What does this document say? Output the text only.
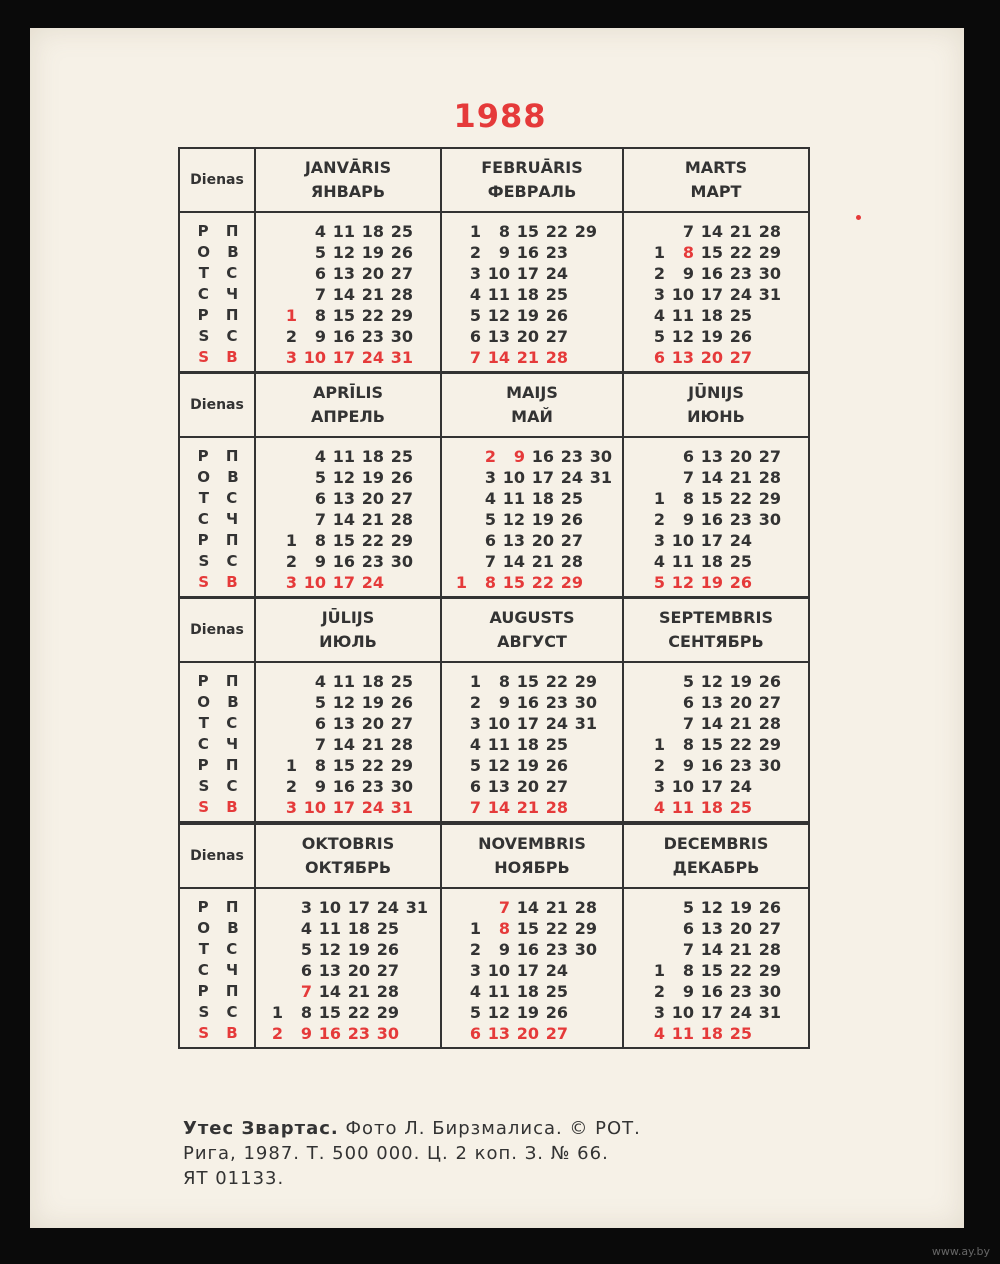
1988
Dienas
JANVĀRIS
ЯНВАРЬ
FEBRUĀRIS
ФЕВРАЛЬ
MARTS
МАРТ
Р П
О В
Т С
С Ч
Р П
S С
S В
1
2
3
4
5
6
7
8
9
10
11
12
13
14
15
16
17
18
19
20
21
22
23
24
25
26
27
28
29
30
31
1
2
3
4
5
6
7
8
9
10
11
12
13
14
15
16
17
18
19
20
21
22
23
24
25
26
27
28
29
1
2
3
4
5
6
7
8
9
10
11
12
13
14
15
16
17
18
19
20
21
22
23
24
25
26
27
28
29
30
31
Dienas
APRĪLIS
АПРЕЛЬ
MAIJS
МАЙ
JŪNIJS
ИЮНЬ
Р П
О В
Т С
С Ч
Р П
S С
S В
1
2
3
4
5
6
7
8
9
10
11
12
13
14
15
16
17
18
19
20
21
22
23
24
25
26
27
28
29
30
1
2
3
4
5
6
7
8
9
10
11
12
13
14
15
16
17
18
19
20
21
22
23
24
25
26
27
28
29
30
31
1
2
3
4
5
6
7
8
9
10
11
12
13
14
15
16
17
18
19
20
21
22
23
24
25
26
27
28
29
30
Dienas
JŪLIJS
ИЮЛЬ
AUGUSTS
АВГУСТ
SEPTEMBRIS
СЕНТЯБРЬ
Р П
О В
Т С
С Ч
Р П
S С
S В
1
2
3
4
5
6
7
8
9
10
11
12
13
14
15
16
17
18
19
20
21
22
23
24
25
26
27
28
29
30
31
1
2
3
4
5
6
7
8
9
10
11
12
13
14
15
16
17
18
19
20
21
22
23
24
25
26
27
28
29
30
31
1
2
3
4
5
6
7
8
9
10
11
12
13
14
15
16
17
18
19
20
21
22
23
24
25
26
27
28
29
30
Dienas
OKTOBRIS
ОКТЯБРЬ
NOVEMBRIS
НОЯБРЬ
DECEMBRIS
ДЕКАБРЬ
Р П
О В
Т С
С Ч
Р П
S С
S В
1
2
3
4
5
6
7
8
9
10
11
12
13
14
15
16
17
18
19
20
21
22
23
24
25
26
27
28
29
30
31
1
2
3
4
5
6
7
8
9
10
11
12
13
14
15
16
17
18
19
20
21
22
23
24
25
26
27
28
29
30
1
2
3
4
5
6
7
8
9
10
11
12
13
14
15
16
17
18
19
20
21
22
23
24
25
26
27
28
29
30
31
Утес Звартас. Фото Л. Бирзмалиса. © РОТ.
Рига, 1987. Т. 500 000. Ц. 2 коп. З. № 66.
ЯТ 01133.
www.ay.by
